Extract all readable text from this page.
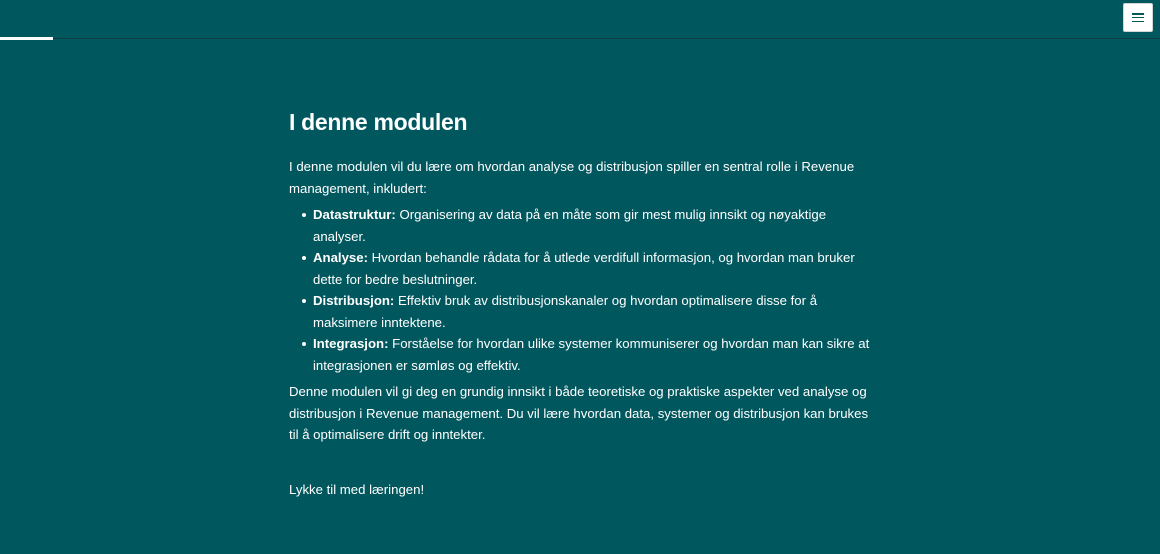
I denne modulen

I denne modulen vil du lære om hvordan analyse og distribusjon spiller en sentral rolle i Revenue management, inkludert:

Datastruktur: Organisering av data på en måte som gir mest mulig innsikt og nøyaktige analyser.
Analyse: Hvordan behandle rådata for å utlede verdifull informasjon, og hvordan man bruker dette for bedre beslutninger.
Distribusjon: Effektiv bruk av distribusjonskanaler og hvordan optimalisere disse for å maksimere inntektene.
Integrasjon: Forståelse for hvordan ulike systemer kommuniserer og hvordan man kan sikre at integrasjonen er sømløs og effektiv.

Denne modulen vil gi deg en grundig innsikt i både teoretiske og praktiske aspekter ved analyse og distribusjon i Revenue management. Du vil lære hvordan data, systemer og distribusjon kan brukes til å optimalisere drift og inntekter.

Lykke til med læringen!
